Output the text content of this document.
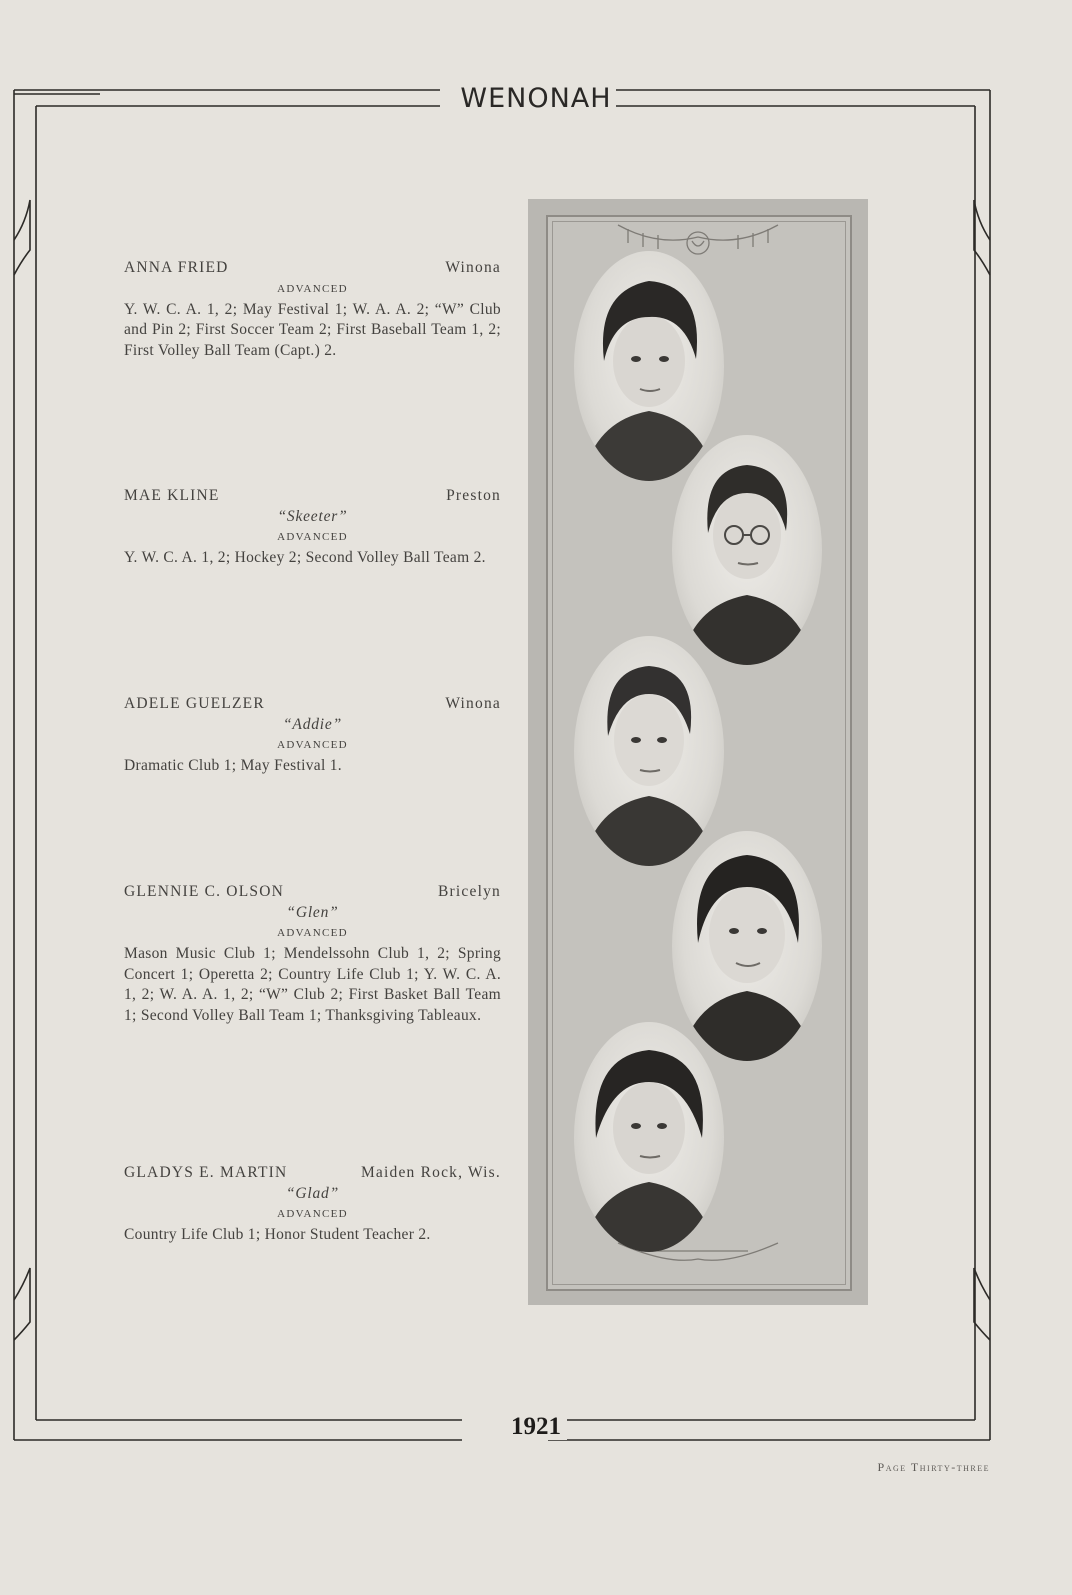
WENONAH
ANNA FRIED	Winona
ADVANCED
Y. W. C. A. 1, 2; May Festival 1; W. A. A. 2; “W” Club and Pin 2; First Soccer Team 2; First Baseball Team 1, 2; First Volley Ball Team (Capt.) 2.
MAE KLINE	Preston
“Skeeter”
ADVANCED
Y. W. C. A. 1, 2; Hockey 2; Second Volley Ball Team 2.
ADELE GUELZER	Winona
“Addie”
ADVANCED
Dramatic Club 1; May Festival 1.
GLENNIE C. OLSON	Bricelyn
“Glen”
ADVANCED
Mason Music Club 1; Mendelssohn Club 1, 2; Spring Concert 1; Operetta 2; Country Life Club 1; Y. W. C. A. 1, 2; W. A. A. 1, 2; “W” Club 2; First Basket Ball Team 1; Second Volley Ball Team 1; Thanksgiving Tableaux.
GLADYS E. MARTIN	Maiden Rock, Wis.
“Glad”
ADVANCED
Country Life Club 1; Honor Student Teacher 2.
1921
Page Thirty-three
